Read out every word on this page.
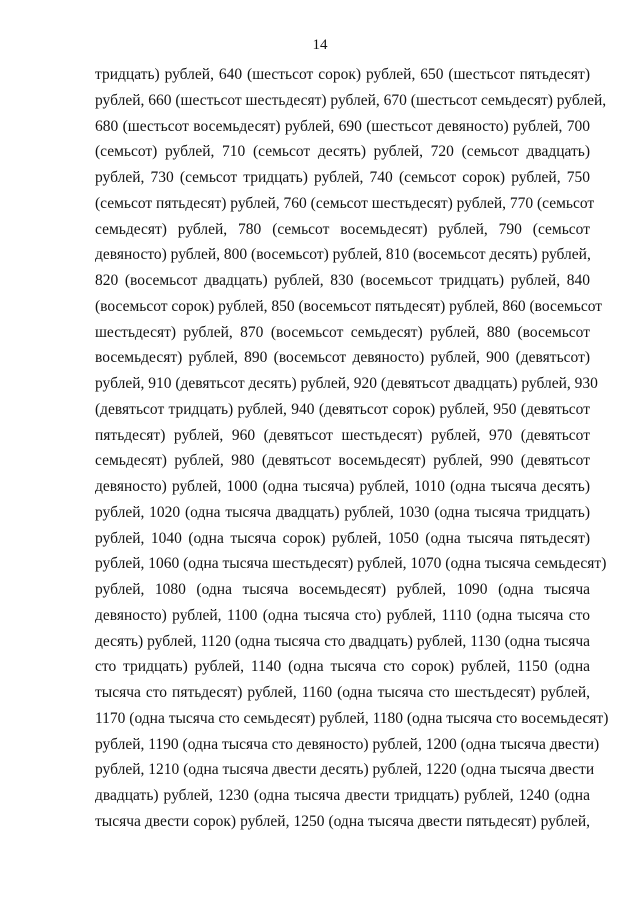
14
тридцать) рублей, 640 (шестьсот сорок) рублей, 650 (шестьсот пятьдесят)
рублей, 660 (шестьсот шестьдесят) рублей, 670 (шестьсот семьдесят) рублей,
680 (шестьсот восемьдесят) рублей, 690 (шестьсот девяносто) рублей, 700
(семьсот) рублей, 710 (семьсот десять) рублей, 720 (семьсот двадцать)
рублей, 730 (семьсот тридцать) рублей, 740 (семьсот сорок) рублей, 750
(семьсот пятьдесят) рублей, 760 (семьсот шестьдесят) рублей, 770 (семьсот
семьдесят) рублей, 780 (семьсот восемьдесят) рублей, 790 (семьсот
девяносто) рублей, 800 (восемьсот) рублей, 810 (восемьсот десять) рублей,
820 (восемьсот двадцать) рублей, 830 (восемьсот тридцать) рублей, 840
(восемьсот сорок) рублей, 850 (восемьсот пятьдесят) рублей, 860 (восемьсот
шестьдесят) рублей, 870 (восемьсот семьдесят) рублей, 880 (восемьсот
восемьдесят) рублей, 890 (восемьсот девяносто) рублей, 900 (девятьсот)
рублей, 910 (девятьсот десять) рублей, 920 (девятьсот двадцать) рублей, 930
(девятьсот тридцать) рублей, 940 (девятьсот сорок) рублей, 950 (девятьсот
пятьдесят) рублей, 960 (девятьсот шестьдесят) рублей, 970 (девятьсот
семьдесят) рублей, 980 (девятьсот восемьдесят) рублей, 990 (девятьсот
девяносто) рублей, 1000 (одна тысяча) рублей, 1010 (одна тысяча десять)
рублей, 1020 (одна тысяча двадцать) рублей, 1030 (одна тысяча тридцать)
рублей, 1040 (одна тысяча сорок) рублей, 1050 (одна тысяча пятьдесят)
рублей, 1060 (одна тысяча шестьдесят) рублей, 1070 (одна тысяча семьдесят)
рублей, 1080 (одна тысяча восемьдесят) рублей, 1090 (одна тысяча
девяносто) рублей, 1100 (одна тысяча сто) рублей, 1110 (одна тысяча сто
десять) рублей, 1120 (одна тысяча сто двадцать) рублей, 1130 (одна тысяча
сто тридцать) рублей, 1140 (одна тысяча сто сорок) рублей, 1150 (одна
тысяча сто пятьдесят) рублей, 1160 (одна тысяча сто шестьдесят) рублей,
1170 (одна тысяча сто семьдесят) рублей, 1180 (одна тысяча сто восемьдесят)
рублей, 1190 (одна тысяча сто девяносто) рублей, 1200 (одна тысяча двести)
рублей, 1210 (одна тысяча двести десять) рублей, 1220 (одна тысяча двести
двадцать) рублей, 1230 (одна тысяча двести тридцать) рублей, 1240 (одна
тысяча двести сорок) рублей, 1250 (одна тысяча двести пятьдесят) рублей,
